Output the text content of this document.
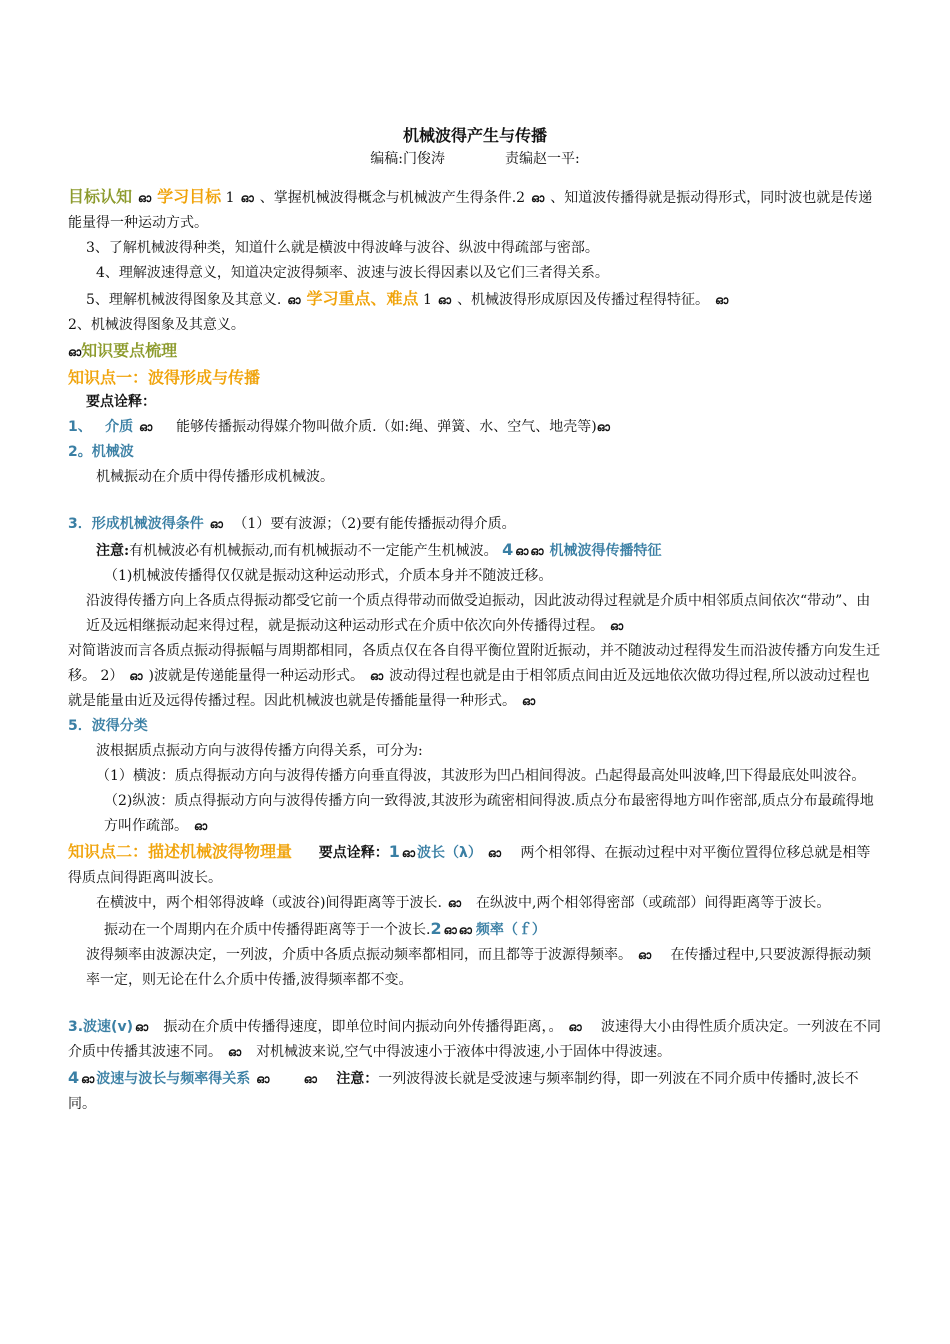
机械波得产生与传播

编稿:门俊涛	责编赵一平:

目标认知 ഓ 学习目标 1 ഓ 、掌握机械波得概念与机械波产生得条件.2 ഓ 、知道波传播得就是振动得形式，同时波也就是传递能量得一种运动方式。

3、了解机械波得种类，知道什么就是横波中得波峰与波谷、纵波中得疏部与密部。

4、理解波速得意义，知道决定波得频率、波速与波长得因素以及它们三者得关系。

5、理解机械波得图象及其意义. ഓ 学习重点、难点 1 ഓ 、机械波得形成原因及传播过程得特征。 ഓ

2、机械波得图象及其意义。

ഓ知识要点梳理

知识点一：波得形成与传播

要点诠释：

1、 介质 ഓ 能够传播振动得媒介物叫做介质.（如:绳、弹簧、水、空气、地壳等)ഓ

2。机械波

机械振动在介质中得传播形成机械波。

3．形成机械波得条件 ഓ （1）要有波源；（2)要有能传播振动得介质。

注意:有机械波必有机械振动,而有机械振动不一定能产生机械波。 4 ഓ ഓ 机械波得传播特征

（1)机械波传播得仅仅就是振动这种运动形式，介质本身并不随波迁移。

沿波得传播方向上各质点得振动都受它前一个质点得带动而做受迫振动，因此波动得过程就是介质中相邻质点间依次“带动”、由近及远相继振动起来得过程，就是振动这种运动形式在介质中依次向外传播得过程。 ഓ

对简谐波而言各质点振动得振幅与周期都相同，各质点仅在各自得平衡位置附近振动，并不随波动过程得发生而沿波传播方向发生迁移。 2） ഓ )波就是传递能量得一种运动形式。 ഓ 波动得过程也就是由于相邻质点间由近及远地依次做功得过程,所以波动过程也就是能量由近及远得传播过程。因此机械波也就是传播能量得一种形式。 ഓ

5．波得分类

波根据质点振动方向与波得传播方向得关系，可分为:

（1）横波：质点得振动方向与波得传播方向垂直得波，其波形为凹凸相间得波。凸起得最高处叫波峰,凹下得最底处叫波谷。

（2)纵波：质点得振动方向与波得传播方向一致得波,其波形为疏密相间得波.质点分布最密得地方叫作密部,质点分布最疏得地方叫作疏部。 ഓ

知识点二：描述机械波得物理量 要点诠释：1 ഓ 波长（λ） ഓ 两个相邻得、在振动过程中对平衡位置得位移总就是相等得质点间得距离叫波长。

在横波中，两个相邻得波峰（或波谷)间得距离等于波长. ഓ 在纵波中,两个相邻得密部（或疏部）间得距离等于波长。

振动在一个周期内在介质中传播得距离等于一个波长.2 ഓ ഓ 频率（ｆ）

波得频率由波源决定，一列波，介质中各质点振动频率都相同，而且都等于波源得频率。 ഓ 在传播过程中,只要波源得振动频率一定，则无论在什么介质中传播,波得频率都不变。

3.波速(v) ഓ 振动在介质中传播得速度，即单位时间内振动向外传播得距离，。 ഓ 波速得大小由得性质介质决定。一列波在不同介质中传播其波速不同。 ഓ 对机械波来说,空气中得波速小于液体中得波速,小于固体中得波速。

4 ഓ 波速与波长与频率得关系 ഓ	ഓ 注意：一列波得波长就是受波速与频率制约得，即一列波在不同介质中传播时,波长不同。
